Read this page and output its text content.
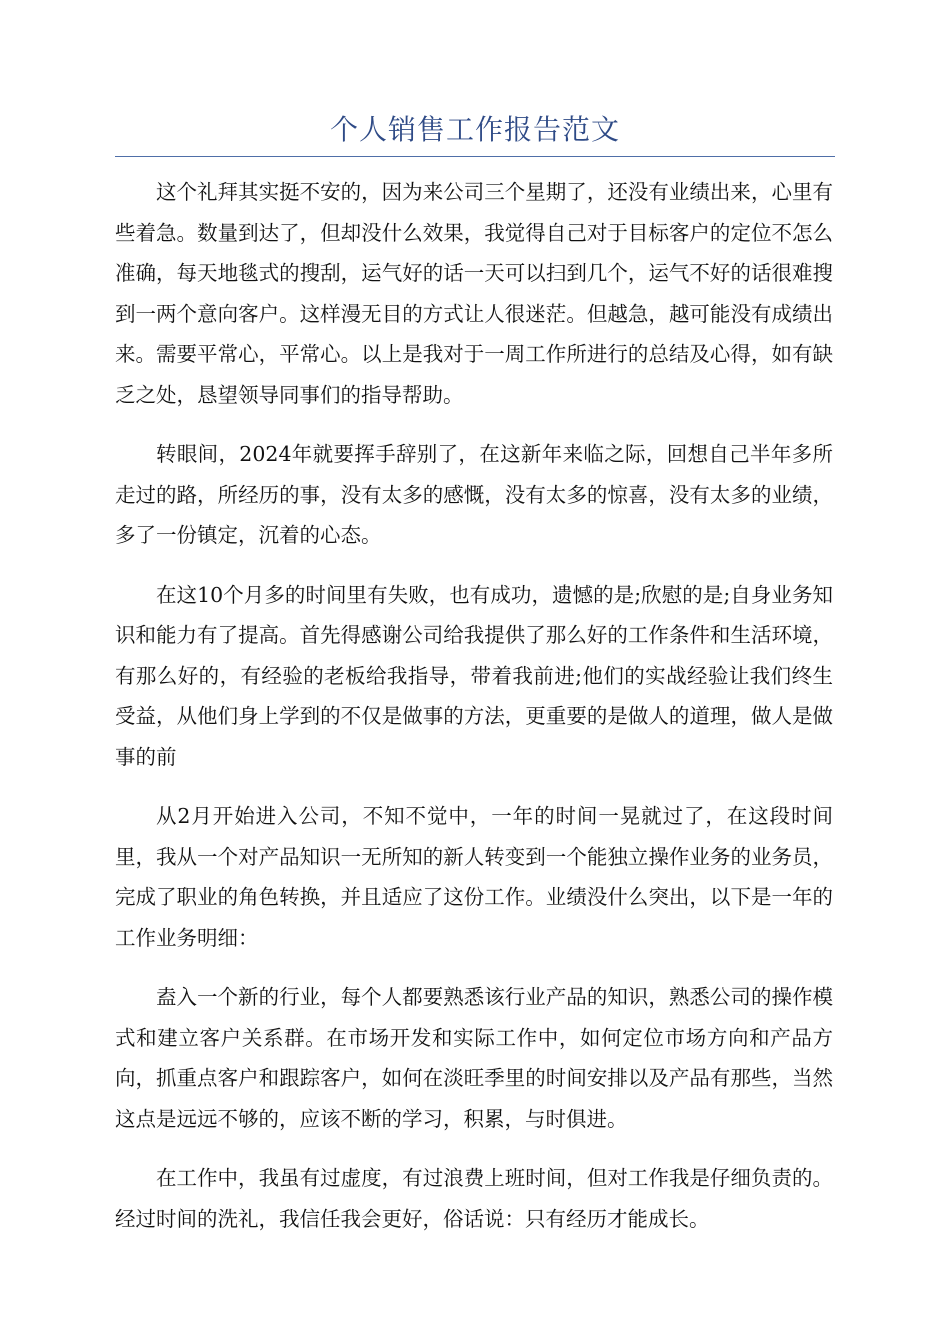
个人销售工作报告范文

这个礼拜其实挺不安的，因为来公司三个星期了，还没有业绩出来，心里有些着急。数量到达了，但却没什么效果，我觉得自己对于目标客户的定位不怎么准确，每天地毯式的搜刮，运气好的话一天可以扫到几个，运气不好的话很难搜到一两个意向客户。这样漫无目的方式让人很迷茫。但越急，越可能没有成绩出来。需要平常心，平常心。以上是我对于一周工作所进行的总结及心得，如有缺乏之处，恳望领导同事们的指导帮助。

转眼间，2024年就要挥手辞别了，在这新年来临之际，回想自己半年多所走过的路，所经历的事，没有太多的感慨，没有太多的惊喜，没有太多的业绩，多了一份镇定，沉着的心态。

在这10个月多的时间里有失败，也有成功，遗憾的是;欣慰的是;自身业务知识和能力有了提高。首先得感谢公司给我提供了那么好的工作条件和生活环境，有那么好的，有经验的老板给我指导，带着我前进;他们的实战经验让我们终生受益，从他们身上学到的不仅是做事的方法，更重要的是做人的道理，做人是做事的前

从2月开始进入公司，不知不觉中，一年的时间一晃就过了，在这段时间里，我从一个对产品知识一无所知的新人转变到一个能独立操作业务的业务员，完成了职业的角色转换，并且适应了这份工作。业绩没什么突出，以下是一年的工作业务明细：

盍入一个新的行业，每个人都要熟悉该行业产品的知识，熟悉公司的操作模式和建立客户关系群。在市场开发和实际工作中，如何定位市场方向和产品方向，抓重点客户和跟踪客户，如何在淡旺季里的时间安排以及产品有那些，当然这点是远远不够的，应该不断的学习，积累，与时俱进。

在工作中，我虽有过虚度，有过浪费上班时间，但对工作我是仔细负责的。经过时间的洗礼，我信任我会更好，俗话说：只有经历才能成长。
